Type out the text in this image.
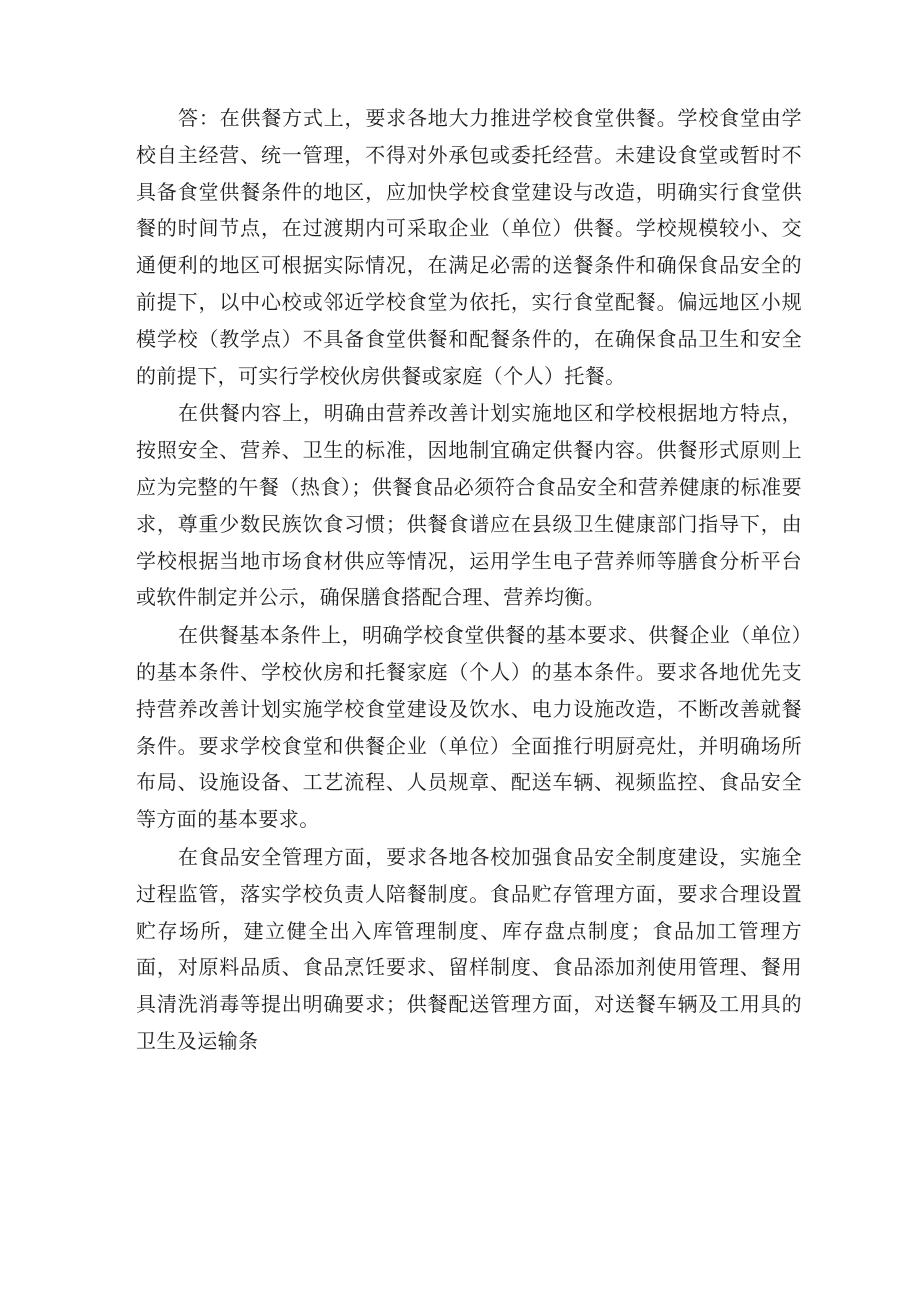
答：在供餐方式上，要求各地大力推进学校食堂供餐。学校食堂由学校自主经营、统一管理，不得对外承包或委托经营。未建设食堂或暂时不具备食堂供餐条件的地区，应加快学校食堂建设与改造，明确实行食堂供餐的时间节点，在过渡期内可采取企业（单位）供餐。学校规模较小、交通便利的地区可根据实际情况，在满足必需的送餐条件和确保食品安全的前提下，以中心校或邻近学校食堂为依托，实行食堂配餐。偏远地区小规模学校（教学点）不具备食堂供餐和配餐条件的，在确保食品卫生和安全的前提下，可实行学校伙房供餐或家庭（个人）托餐。

在供餐内容上，明确由营养改善计划实施地区和学校根据地方特点，按照安全、营养、卫生的标准，因地制宜确定供餐内容。供餐形式原则上应为完整的午餐（热食）；供餐食品必须符合食品安全和营养健康的标准要求，尊重少数民族饮食习惯；供餐食谱应在县级卫生健康部门指导下，由学校根据当地市场食材供应等情况，运用学生电子营养师等膳食分析平台或软件制定并公示，确保膳食搭配合理、营养均衡。

在供餐基本条件上，明确学校食堂供餐的基本要求、供餐企业（单位）的基本条件、学校伙房和托餐家庭（个人）的基本条件。要求各地优先支持营养改善计划实施学校食堂建设及饮水、电力设施改造，不断改善就餐条件。要求学校食堂和供餐企业（单位）全面推行明厨亮灶，并明确场所布局、设施设备、工艺流程、人员规章、配送车辆、视频监控、食品安全等方面的基本要求。

在食品安全管理方面，要求各地各校加强食品安全制度建设，实施全过程监管，落实学校负责人陪餐制度。食品贮存管理方面，要求合理设置贮存场所，建立健全出入库管理制度、库存盘点制度；食品加工管理方面，对原料品质、食品烹饪要求、留样制度、食品添加剂使用管理、餐用具清洗消毒等提出明确要求；供餐配送管理方面，对送餐车辆及工用具的卫生及运输条
